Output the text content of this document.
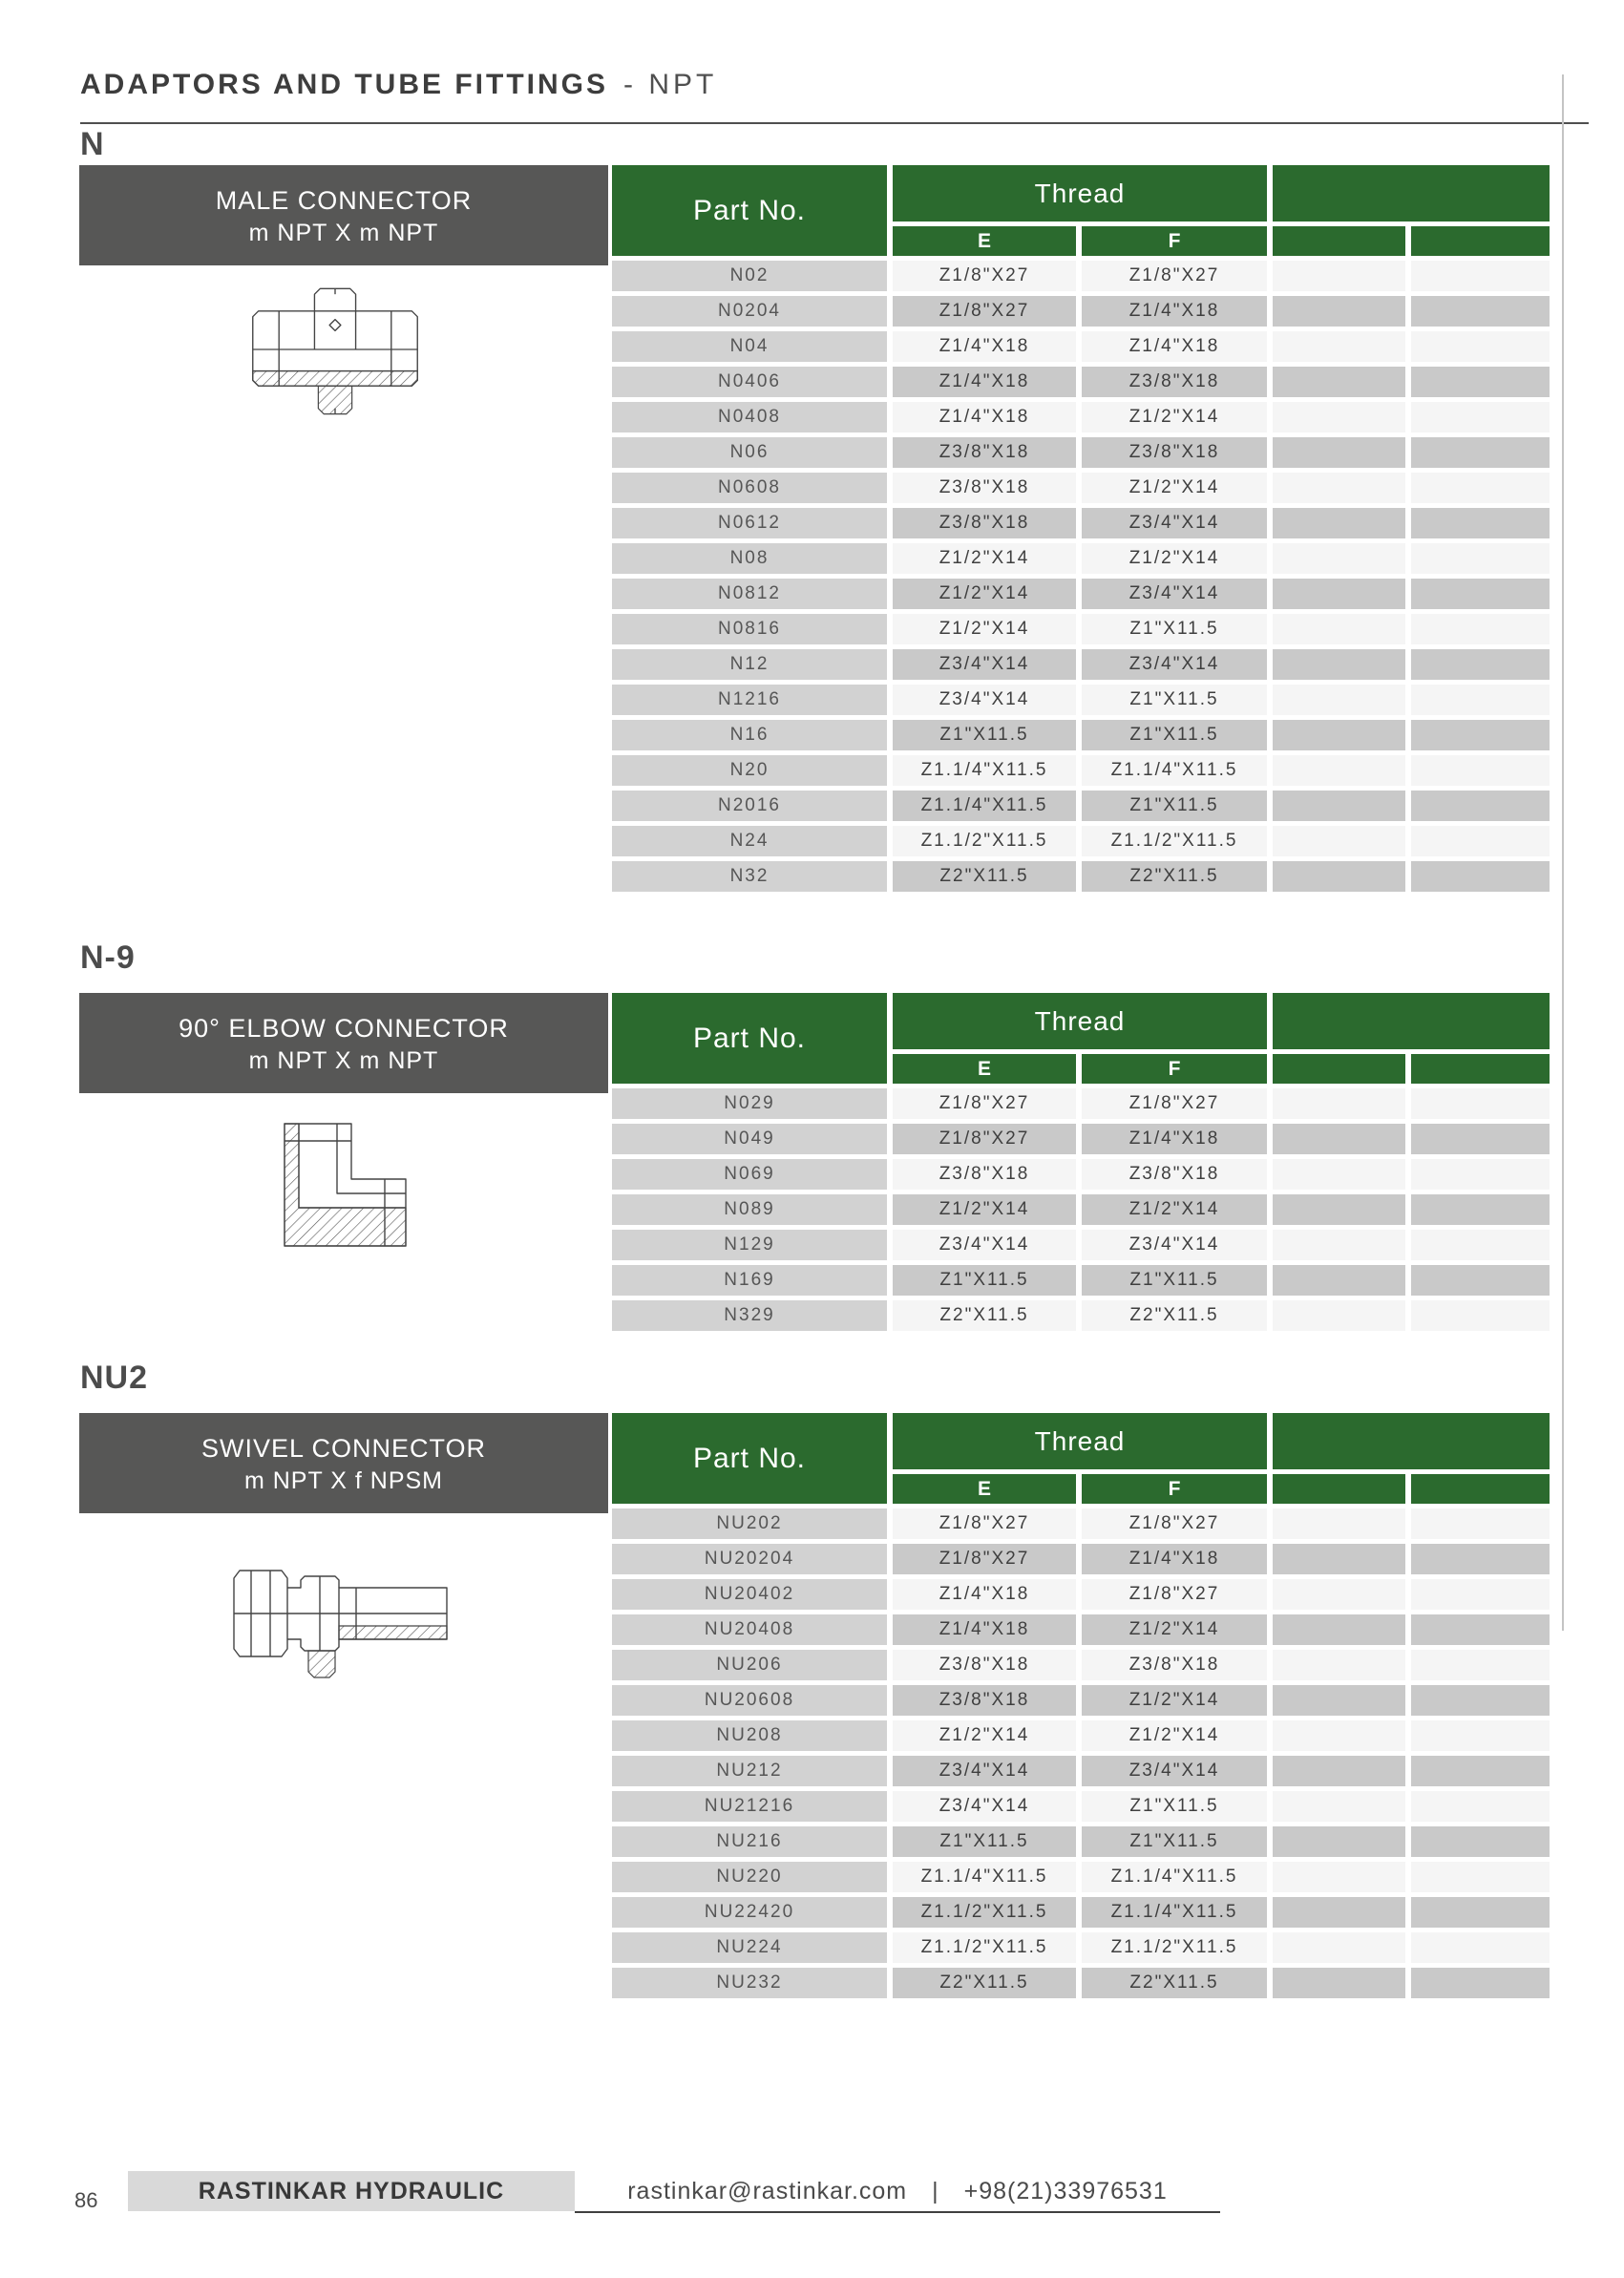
ADAPTORS AND TUBE FITTINGS - NPT
N
MALE CONNECTOR
m NPT X m NPT
Part No.
Thread
E	F
N02	Z1/8"X27	Z1/8"X27
N0204	Z1/8"X27	Z1/4"X18
N04	Z1/4"X18	Z1/4"X18
N0406	Z1/4"X18	Z3/8"X18
N0408	Z1/4"X18	Z1/2"X14
N06	Z3/8"X18	Z3/8"X18
N0608	Z3/8"X18	Z1/2"X14
N0612	Z3/8"X18	Z3/4"X14
N08	Z1/2"X14	Z1/2"X14
N0812	Z1/2"X14	Z3/4"X14
N0816	Z1/2"X14	Z1"X11.5
N12	Z3/4"X14	Z3/4"X14
N1216	Z3/4"X14	Z1"X11.5
N16	Z1"X11.5	Z1"X11.5
N20	Z1.1/4"X11.5	Z1.1/4"X11.5
N2016	Z1.1/4"X11.5	Z1"X11.5
N24	Z1.1/2"X11.5	Z1.1/2"X11.5
N32	Z2"X11.5	Z2"X11.5
N-9
90° ELBOW CONNECTOR
m NPT X m NPT
Part No.
Thread
E	F
N029	Z1/8"X27	Z1/8"X27
N049	Z1/8"X27	Z1/4"X18
N069	Z3/8"X18	Z3/8"X18
N089	Z1/2"X14	Z1/2"X14
N129	Z3/4"X14	Z3/4"X14
N169	Z1"X11.5	Z1"X11.5
N329	Z2"X11.5	Z2"X11.5
NU2
SWIVEL CONNECTOR
m NPT X f NPSM
Part No.
Thread
E	F
NU202	Z1/8"X27	Z1/8"X27
NU20204	Z1/8"X27	Z1/4"X18
NU20402	Z1/4"X18	Z1/8"X27
NU20408	Z1/4"X18	Z1/2"X14
NU206	Z3/8"X18	Z3/8"X18
NU20608	Z3/8"X18	Z1/2"X14
NU208	Z1/2"X14	Z1/2"X14
NU212	Z3/4"X14	Z3/4"X14
NU21216	Z3/4"X14	Z1"X11.5
NU216	Z1"X11.5	Z1"X11.5
NU220	Z1.1/4"X11.5	Z1.1/4"X11.5
NU22420	Z1.1/2"X11.5	Z1.1/4"X11.5
NU224	Z1.1/2"X11.5	Z1.1/2"X11.5
NU232	Z2"X11.5	Z2"X11.5
86	RASTINKAR HYDRAULIC	rastinkar@rastinkar.com | +98(21)33976531
